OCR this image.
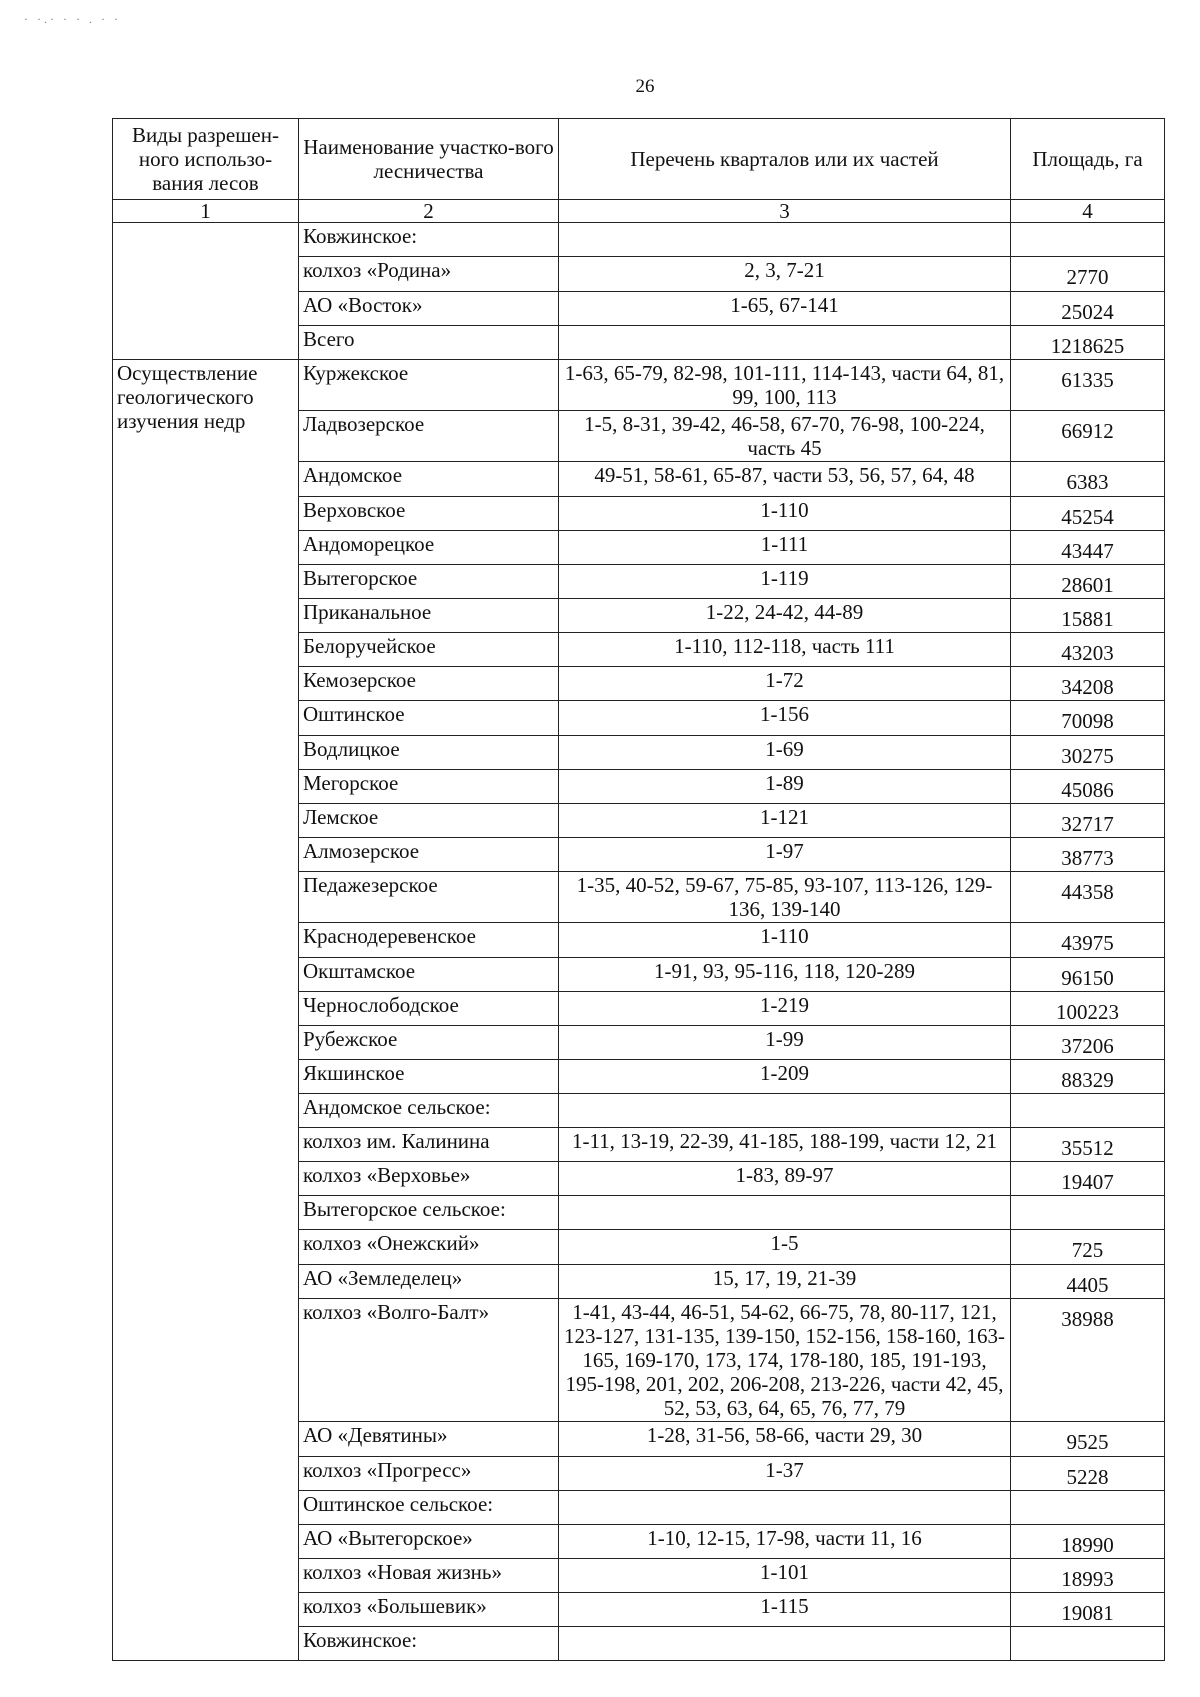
· ·.· · · . · ·
26
Виды разрешен-ного использо-вания лесов	Наименование участко-вого лесничества	Перечень кварталов или их частей	Площадь, га
1	2	3	4
	Ковжинское:		
	колхоз «Родина»	2, 3, 7-21	2770
	АО «Восток»	1-65, 67-141	25024
	Всего		1218625
Осуществление геологического изучения недр	Куржекское	1-63, 65-79, 82-98, 101-111, 114-143, части 64, 81, 99, 100, 113	61335
	Ладвозерское	1-5, 8-31, 39-42, 46-58, 67-70, 76-98, 100-224, часть 45	66912
	Андомское	49-51, 58-61, 65-87, части 53, 56, 57, 64, 48	6383
	Верховское	1-110	45254
	Андоморецкое	1-111	43447
	Вытегорское	1-119	28601
	Приканальное	1-22, 24-42, 44-89	15881
	Белоручейское	1-110, 112-118, часть 111	43203
	Кемозерское	1-72	34208
	Оштинское	1-156	70098
	Водлицкое	1-69	30275
	Мегорское	1-89	45086
	Лемское	1-121	32717
	Алмозерское	1-97	38773
	Педажезерское	1-35, 40-52, 59-67, 75-85, 93-107, 113-126, 129-136, 139-140	44358
	Краснодеревенское	1-110	43975
	Окштамское	1-91, 93, 95-116, 118, 120-289	96150
	Чернослободское	1-219	100223
	Рубежское	1-99	37206
	Якшинское	1-209	88329
	Андомское сельское:		
	колхоз им. Калинина	1-11, 13-19, 22-39, 41-185, 188-199, части 12, 21	35512
	колхоз «Верховье»	1-83, 89-97	19407
	Вытегорское сельское:		
	колхоз «Онежский»	1-5	725
	АО «Земледелец»	15, 17, 19, 21-39	4405
	колхоз «Волго-Балт»	1-41, 43-44, 46-51, 54-62, 66-75, 78, 80-117, 121, 123-127, 131-135, 139-150, 152-156, 158-160, 163-165, 169-170, 173, 174, 178-180, 185, 191-193, 195-198, 201, 202, 206-208, 213-226, части 42, 45, 52, 53, 63, 64, 65, 76, 77, 79	38988
	АО «Девятины»	1-28, 31-56, 58-66, части 29, 30	9525
	колхоз «Прогресс»	1-37	5228
	Оштинское сельское:		
	АО «Вытегорское»	1-10, 12-15, 17-98, части 11, 16	18990
	колхоз «Новая жизнь»	1-101	18993
	колхоз «Большевик»	1-115	19081
	Ковжинское:		
